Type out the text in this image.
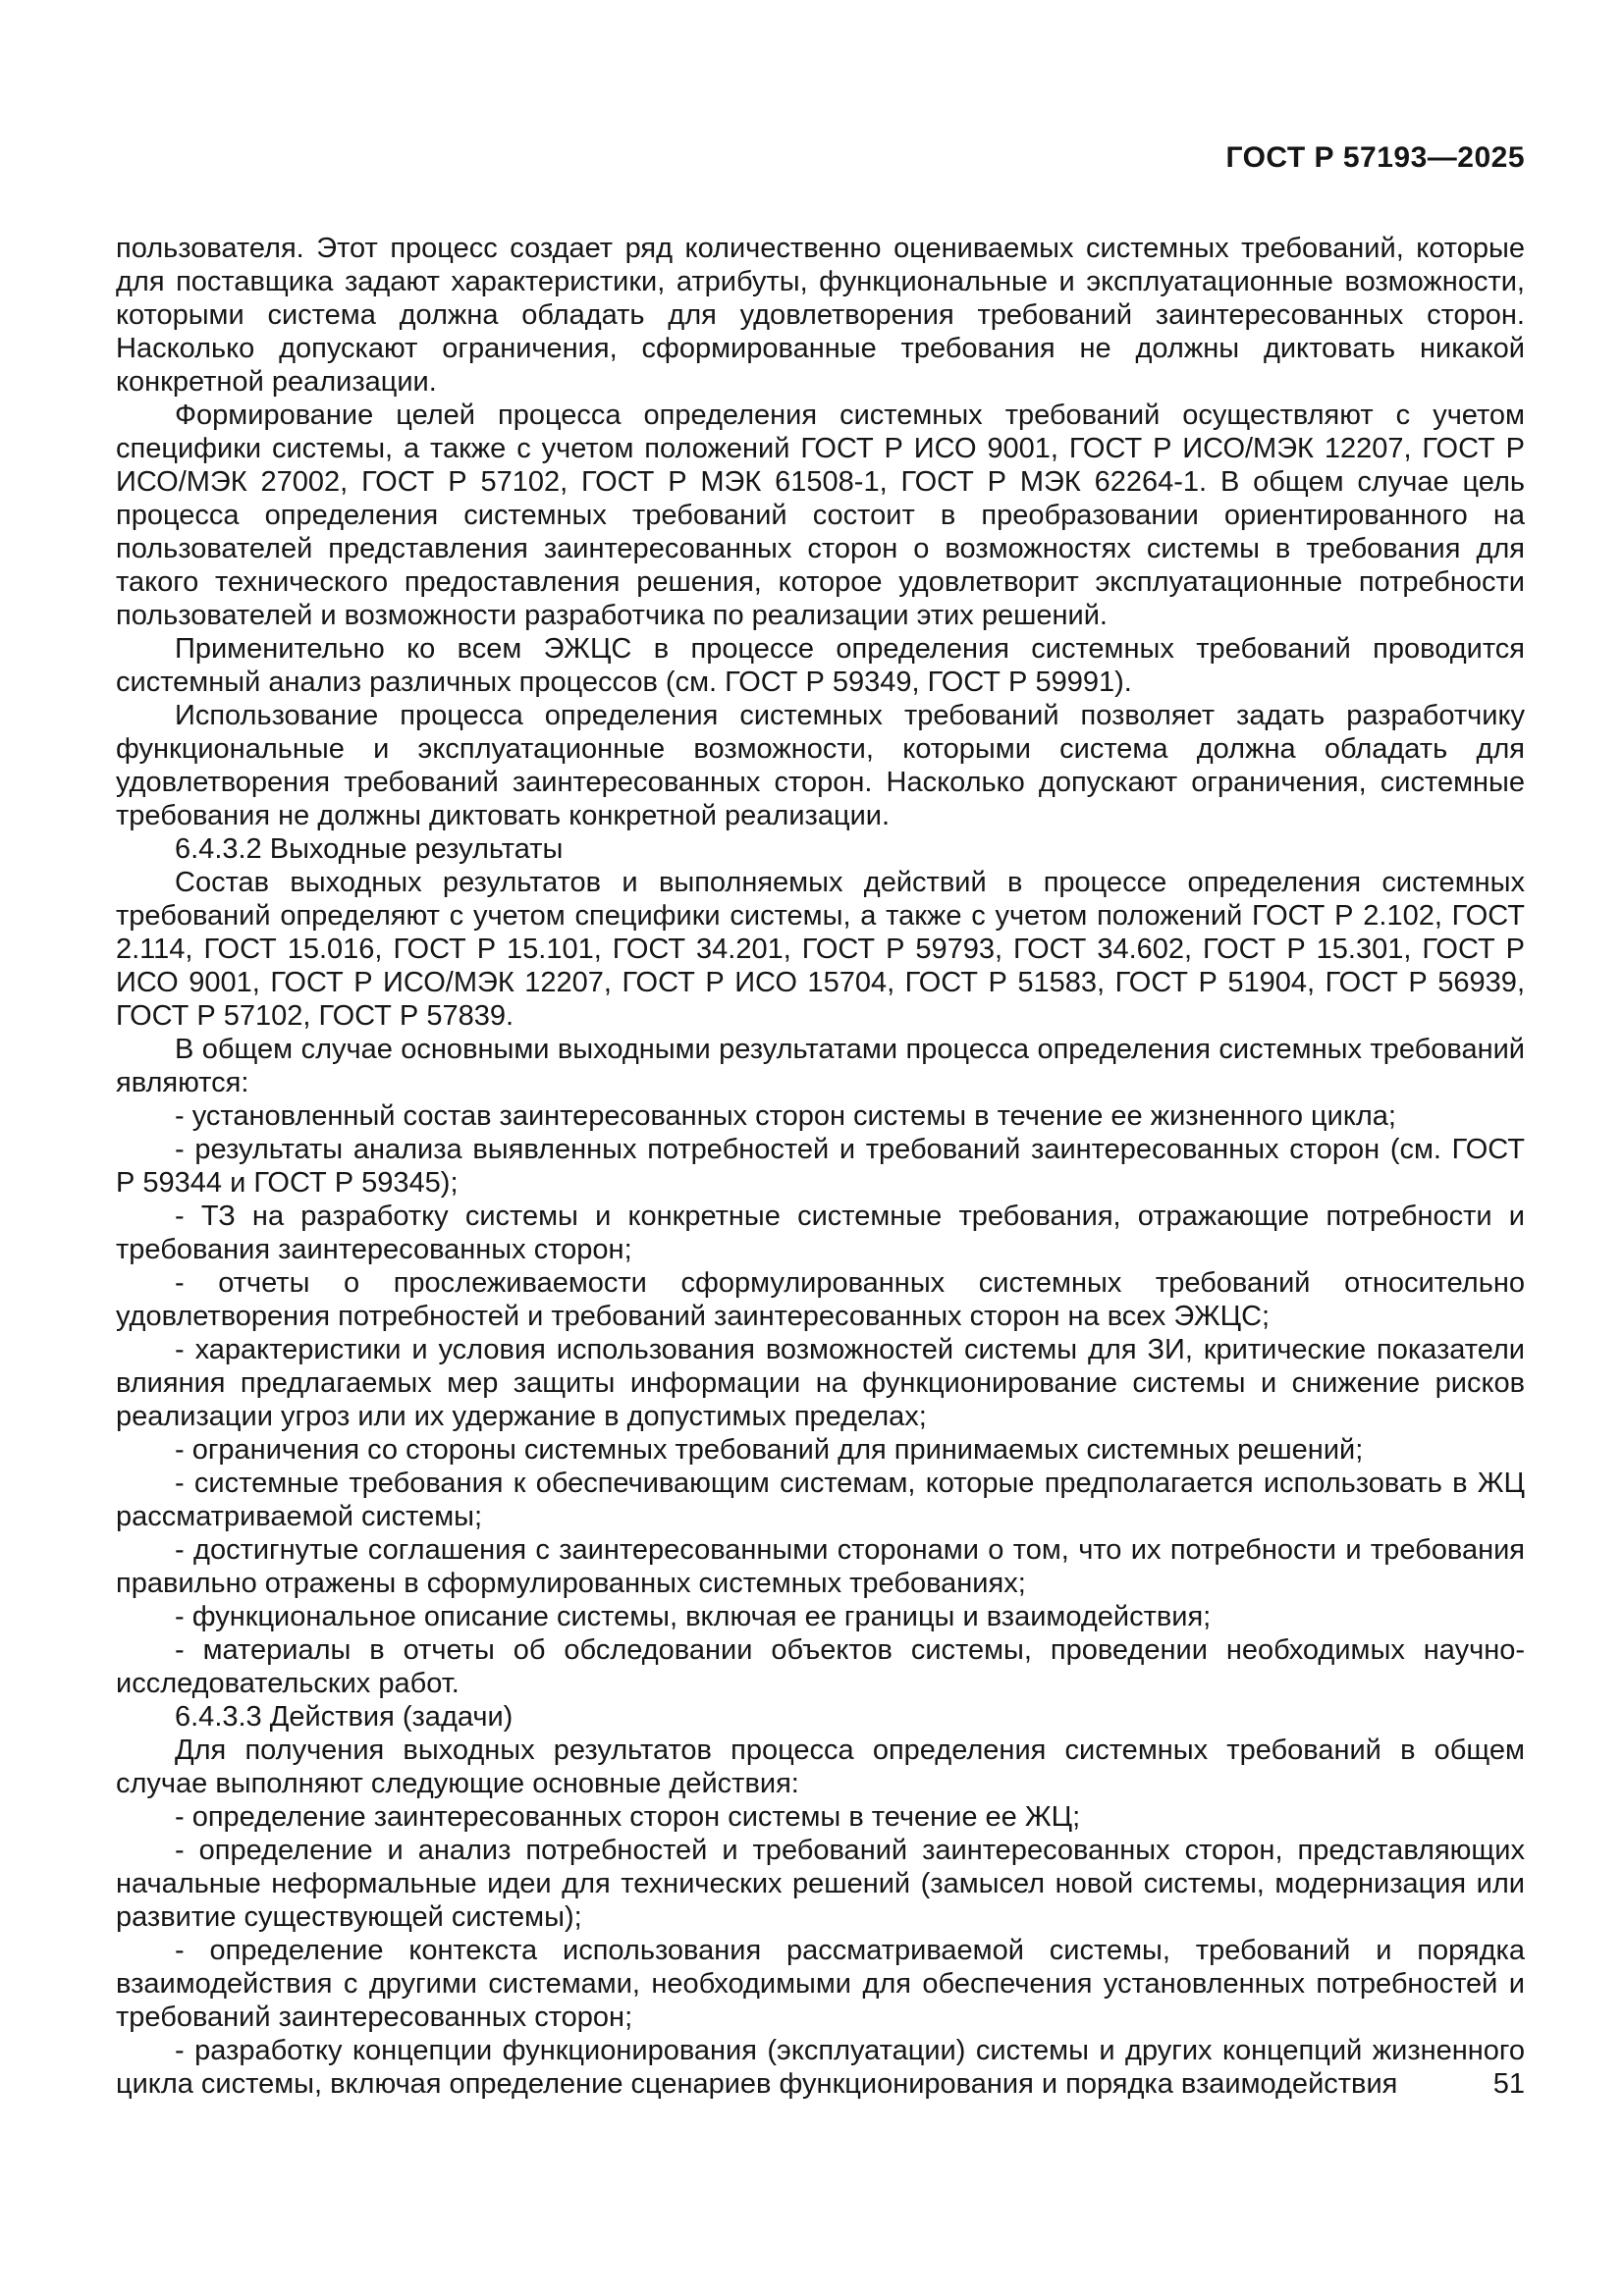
ГОСТ Р 57193—2025

пользователя. Этот процесс создает ряд количественно оцениваемых системных требований, которые для поставщика задают характеристики, атрибуты, функциональные и эксплуатационные возможности, которыми система должна обладать для удовлетворения требований заинтересованных сторон. Насколько допускают ограничения, сформированные требования не должны диктовать никакой конкретной реализации.

Формирование целей процесса определения системных требований осуществляют с учетом специфики системы, а также с учетом положений ГОСТ Р ИСО 9001, ГОСТ Р ИСО/МЭК 12207, ГОСТ Р ИСО/МЭК 27002, ГОСТ Р 57102, ГОСТ Р МЭК 61508-1, ГОСТ Р МЭК 62264-1. В общем случае цель процесса определения системных требований состоит в преобразовании ориентированного на пользователей представления заинтересованных сторон о возможностях системы в требования для такого технического предоставления решения, которое удовлетворит эксплуатационные потребности пользователей и возможности разработчика по реализации этих решений.

Применительно ко всем ЭЖЦС в процессе определения системных требований проводится системный анализ различных процессов (см. ГОСТ Р 59349, ГОСТ Р 59991).

Использование процесса определения системных требований позволяет задать разработчику функциональные и эксплуатационные возможности, которыми система должна обладать для удовлетворения требований заинтересованных сторон. Насколько допускают ограничения, системные требования не должны диктовать конкретной реализации.

6.4.3.2 Выходные результаты

Состав выходных результатов и выполняемых действий в процессе определения системных требований определяют с учетом специфики системы, а также с учетом положений ГОСТ Р 2.102, ГОСТ 2.114, ГОСТ 15.016, ГОСТ Р 15.101, ГОСТ 34.201, ГОСТ Р 59793, ГОСТ 34.602, ГОСТ Р 15.301, ГОСТ Р ИСО 9001, ГОСТ Р ИСО/МЭК 12207, ГОСТ Р ИСО 15704, ГОСТ Р 51583, ГОСТ Р 51904, ГОСТ Р 56939, ГОСТ Р 57102, ГОСТ Р 57839.

В общем случае основными выходными результатами процесса определения системных требований являются:

- установленный состав заинтересованных сторон системы в течение ее жизненного цикла;

- результаты анализа выявленных потребностей и требований заинтересованных сторон (см. ГОСТ Р 59344 и ГОСТ Р 59345);

- ТЗ на разработку системы и конкретные системные требования, отражающие потребности и требования заинтересованных сторон;

- отчеты о прослеживаемости сформулированных системных требований относительно удовлетворения потребностей и требований заинтересованных сторон на всех ЭЖЦС;

- характеристики и условия использования возможностей системы для ЗИ, критические показатели влияния предлагаемых мер защиты информации на функционирование системы и снижение рисков реализации угроз или их удержание в допустимых пределах;

- ограничения со стороны системных требований для принимаемых системных решений;

- системные требования к обеспечивающим системам, которые предполагается использовать в ЖЦ рассматриваемой системы;

- достигнутые соглашения с заинтересованными сторонами о том, что их потребности и требования правильно отражены в сформулированных системных требованиях;

- функциональное описание системы, включая ее границы и взаимодействия;

- материалы в отчеты об обследовании объектов системы, проведении необходимых научно-исследовательских работ.

6.4.3.3 Действия (задачи)

Для получения выходных результатов процесса определения системных требований в общем случае выполняют следующие основные действия:

- определение заинтересованных сторон системы в течение ее ЖЦ;

- определение и анализ потребностей и требований заинтересованных сторон, представляющих начальные неформальные идеи для технических решений (замысел новой системы, модернизация или развитие существующей системы);

- определение контекста использования рассматриваемой системы, требований и порядка взаимодействия с другими системами, необходимыми для обеспечения установленных потребностей и требований заинтересованных сторон;

- разработку концепции функционирования (эксплуатации) системы и других концепций жизненного цикла системы, включая определение сценариев функционирования и порядка взаимодействия	51
